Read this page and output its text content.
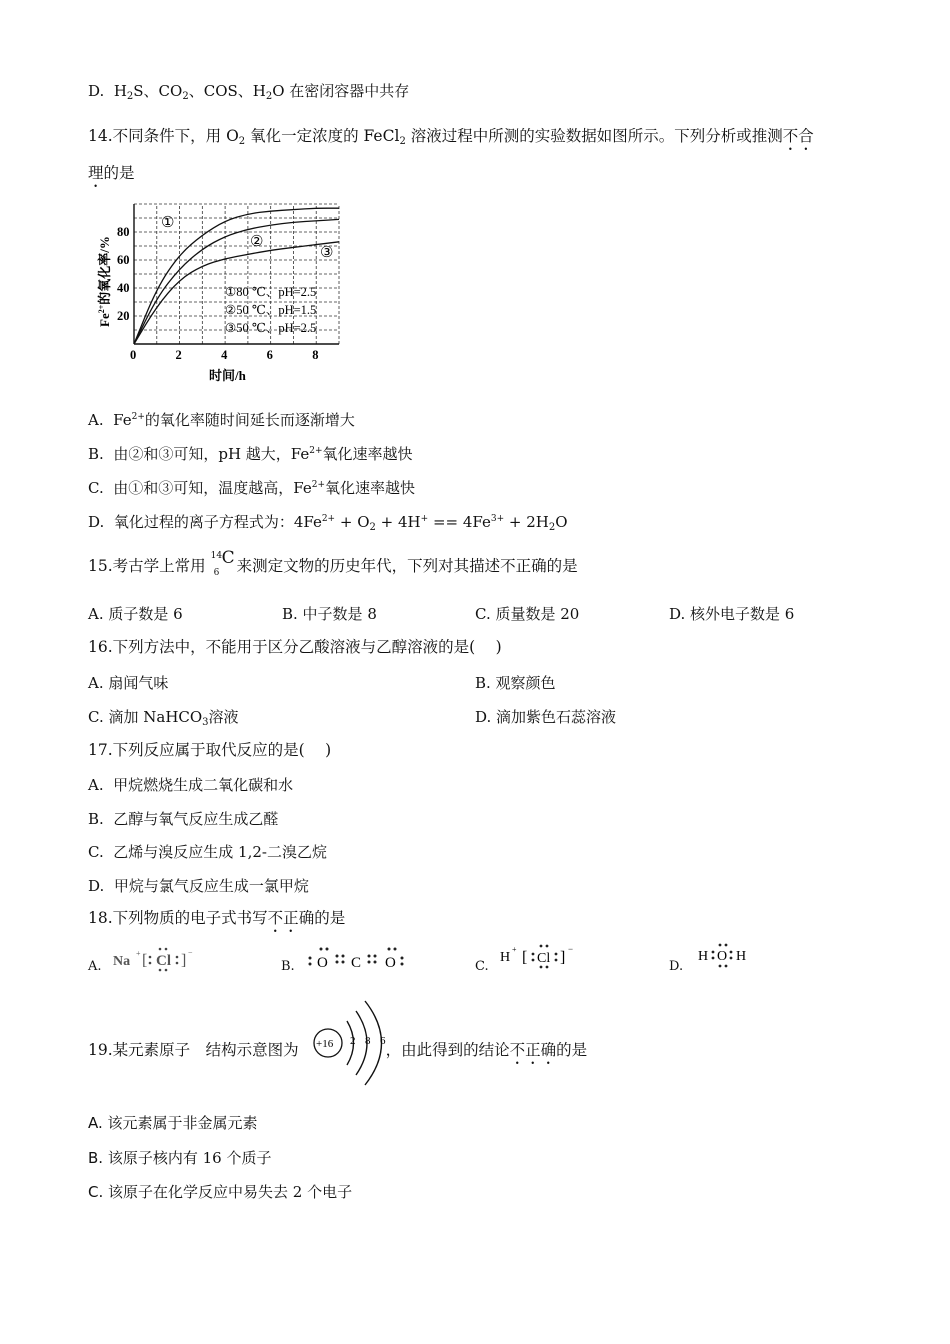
D. $H_2S$、$CO_2$、COS、$H_2O$ 在密闭容器中共存
14.不同条件下，用 $O_2$ 氧化一定浓度的 FeCl$_2$ 溶液过程中所测的实验数据如图所示。下列分析或推测不合
理的是
0	2	4	6	8
20
40
60
80
①80 ℃、pH=2.5
②50 ℃、pH=1.5
③50 ℃、pH=2.5
①
②
③
时间/h
$Fe^{2+}$的氧化率/%
A. $Fe^{2+}$的氧化率随时间延长而逐渐增大
B. 由②和③可知，pH 越大，$Fe^{2+}$氧化速率越快
C. 由①和③可知，温度越高，$Fe^{2+}$氧化速率越快
D. 氧化过程的离子方程式为：$4Fe^{2+} + O_2 + 4H^+ == 4Fe^{3+} + 2H_2O$
15.考古学上常用
14
6
C 来测定文物的历史年代，下列对其描述不正确的是
A. 质子数是 6	B. 中子数是 8	C. 质量数是 20	D. 核外电子数是 6
16.下列方法中，不能用于区分乙酸溶液与乙醇溶液的是(　 )
A. 扇闻气味	B. 观察颜色
C. 滴加 NaHCO$_3$溶液	D. 滴加紫色石蕊溶液
17.下列反应属于取代反应的是(　 )
A. 甲烷燃烧生成二氧化碳和水
B. 乙醇与氧气反应生成乙醛
C. 乙烯与溴反应生成 1,2-二溴乙烷
D. 甲烷与氯气反应生成一氯甲烷
18.下列物质的电子式书写不正确的是
A. Na
+ [ Cl ] −
B. O C O	C.
H
+ [ Cl ] −
D.
H O H
19.某元素原子　结构示意图为	，由此得到的结论不正确的是
+16 2 8 6
A. 该元素属于非金属元素
B. 该原子核内有 16 个质子
C. 该原子在化学反应中易失去 2 个电子
